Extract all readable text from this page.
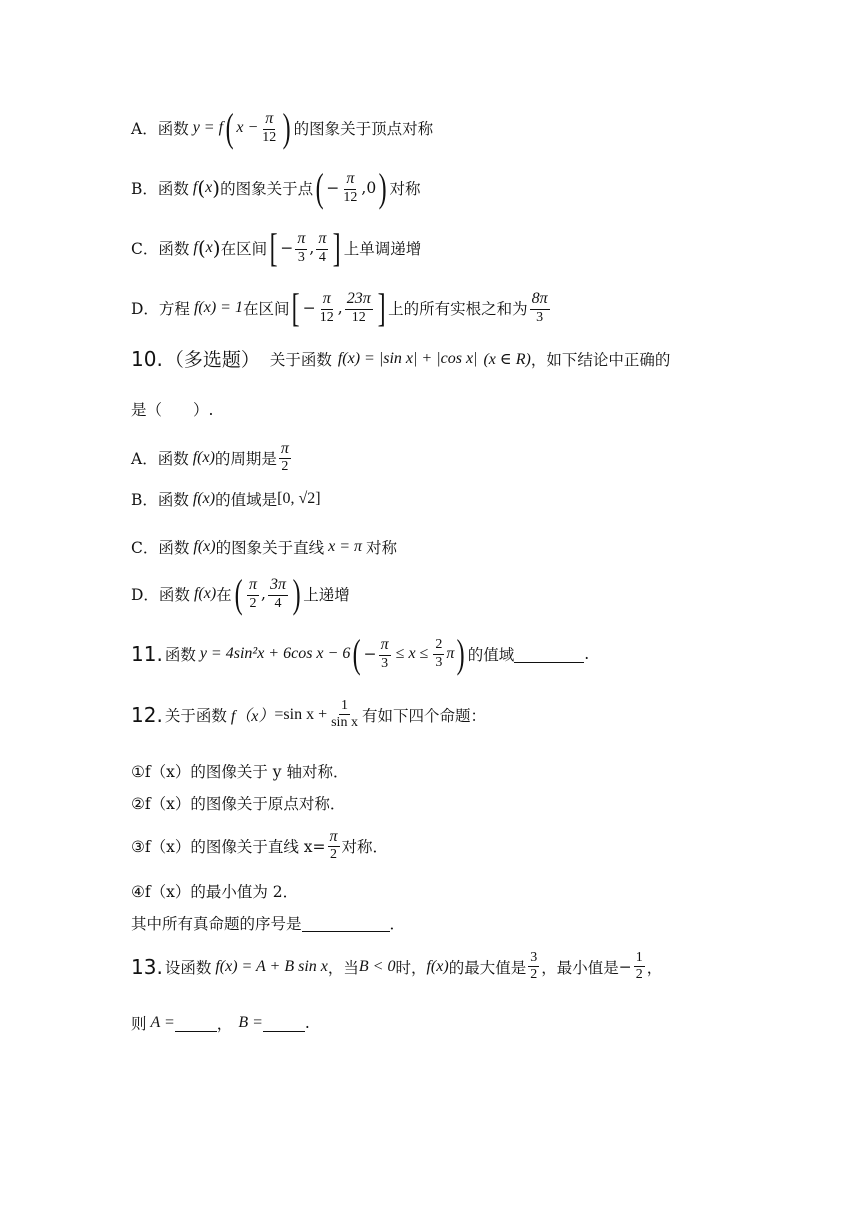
A．函数 y = f ( $x - \frac{\pi}{12}$ ) 的图象关于顶点对称
B．函数 f ( x ) 的图象关于点 ( − $\frac{\pi}{12} ,0$ ) 对称
C．函数 f ( x ) 在区间 [ − $\frac{\pi}{3}$ , $\frac{\pi}{4}$ ] 上单调递增
D．方程 f(x) = 1 在区间 [ − $\frac{\pi}{12}$ , $\frac{23\pi}{12}$ ] 上的所有实根之和为 $\frac{8\pi}{3}$
10. （多选题） 关于函数 f(x) = |sin x| + |cos x| (x ∈ R) ，如下结论中正确的
是（　　）.
A．函数 f(x) 的周期是 $\frac{\pi}{2}$
B．函数 f(x) 的值域是 [0, √2]
C．函数 f(x) 的图象关于直线 x = π 对称
D．函数 f(x) 在 ( $\frac{\pi}{2}$ , $\frac{3\pi}{4}$ ) 上递增
11. 函数 y = 4sin²x + 6cos x − 6 ( − $\frac{\pi}{3} \le x \le \frac{2}{3}$ π ) 的值域	.
12. 关于函数 f（x） =sin $x + \frac{1}{\text{sin x}}$ 有如下四个命题：
①f（x）的图像关于 y 轴对称．
②f（x）的图像关于原点对称．
③f（x）的图像关于直线 $x= \frac{\pi}{2}$ 对称．
④f（x）的最小值为 2．
其中所有真命题的序号是	．
13. 设函数 f(x) = A + B sin x ，当 B < 0 时， f(x) 的最大值是 $\frac{3}{2}$ ，最小值是 − $\frac{1}{2}$ ，
则 A =	， B =	.
